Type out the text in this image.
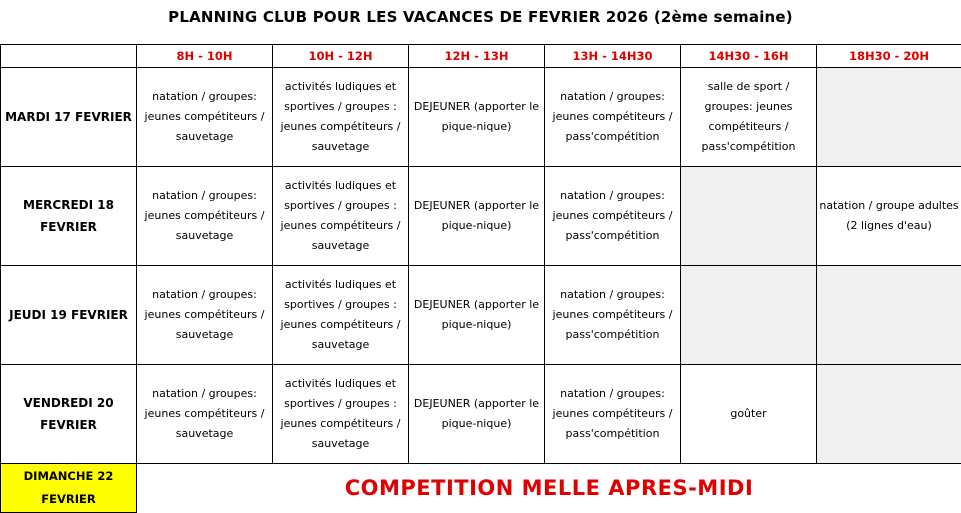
PLANNING CLUB POUR LES VACANCES DE FEVRIER 2026 (2ème semaine)
	8H - 10H	10H - 12H	12H - 13H	13H - 14H30	14H30 - 16H	18H30 - 20H
MARDI 17 FEVRIER	natation / groupes: jeunes compétiteurs / sauvetage	activités ludiques et sportives / groupes : jeunes compétiteurs / sauvetage	DEJEUNER (apporter le pique-nique)	natation / groupes: jeunes compétiteurs / pass'compétition	salle de sport / groupes: jeunes compétiteurs / pass'compétition	

MERCREDI 18 FEVRIER	natation / groupes: jeunes compétiteurs / sauvetage	activités ludiques et sportives / groupes : jeunes compétiteurs / sauvetage	DEJEUNER (apporter le pique-nique)	natation / groupes: jeunes compétiteurs / pass'compétition		natation / groupe adultes (2 lignes d'eau)

JEUDI 19 FEVRIER	natation / groupes: jeunes compétiteurs / sauvetage	activités ludiques et sportives / groupes : jeunes compétiteurs / sauvetage	DEJEUNER (apporter le pique-nique)	natation / groupes: jeunes compétiteurs / pass'compétition		

VENDREDI 20 FEVRIER	natation / groupes: jeunes compétiteurs / sauvetage	activités ludiques et sportives / groupes : jeunes compétiteurs / sauvetage	DEJEUNER (apporter le pique-nique)	natation / groupes: jeunes compétiteurs / pass'compétition	goûter	

DIMANCHE 22 FEVRIER	COMPETITION MELLE APRES-MIDI					
